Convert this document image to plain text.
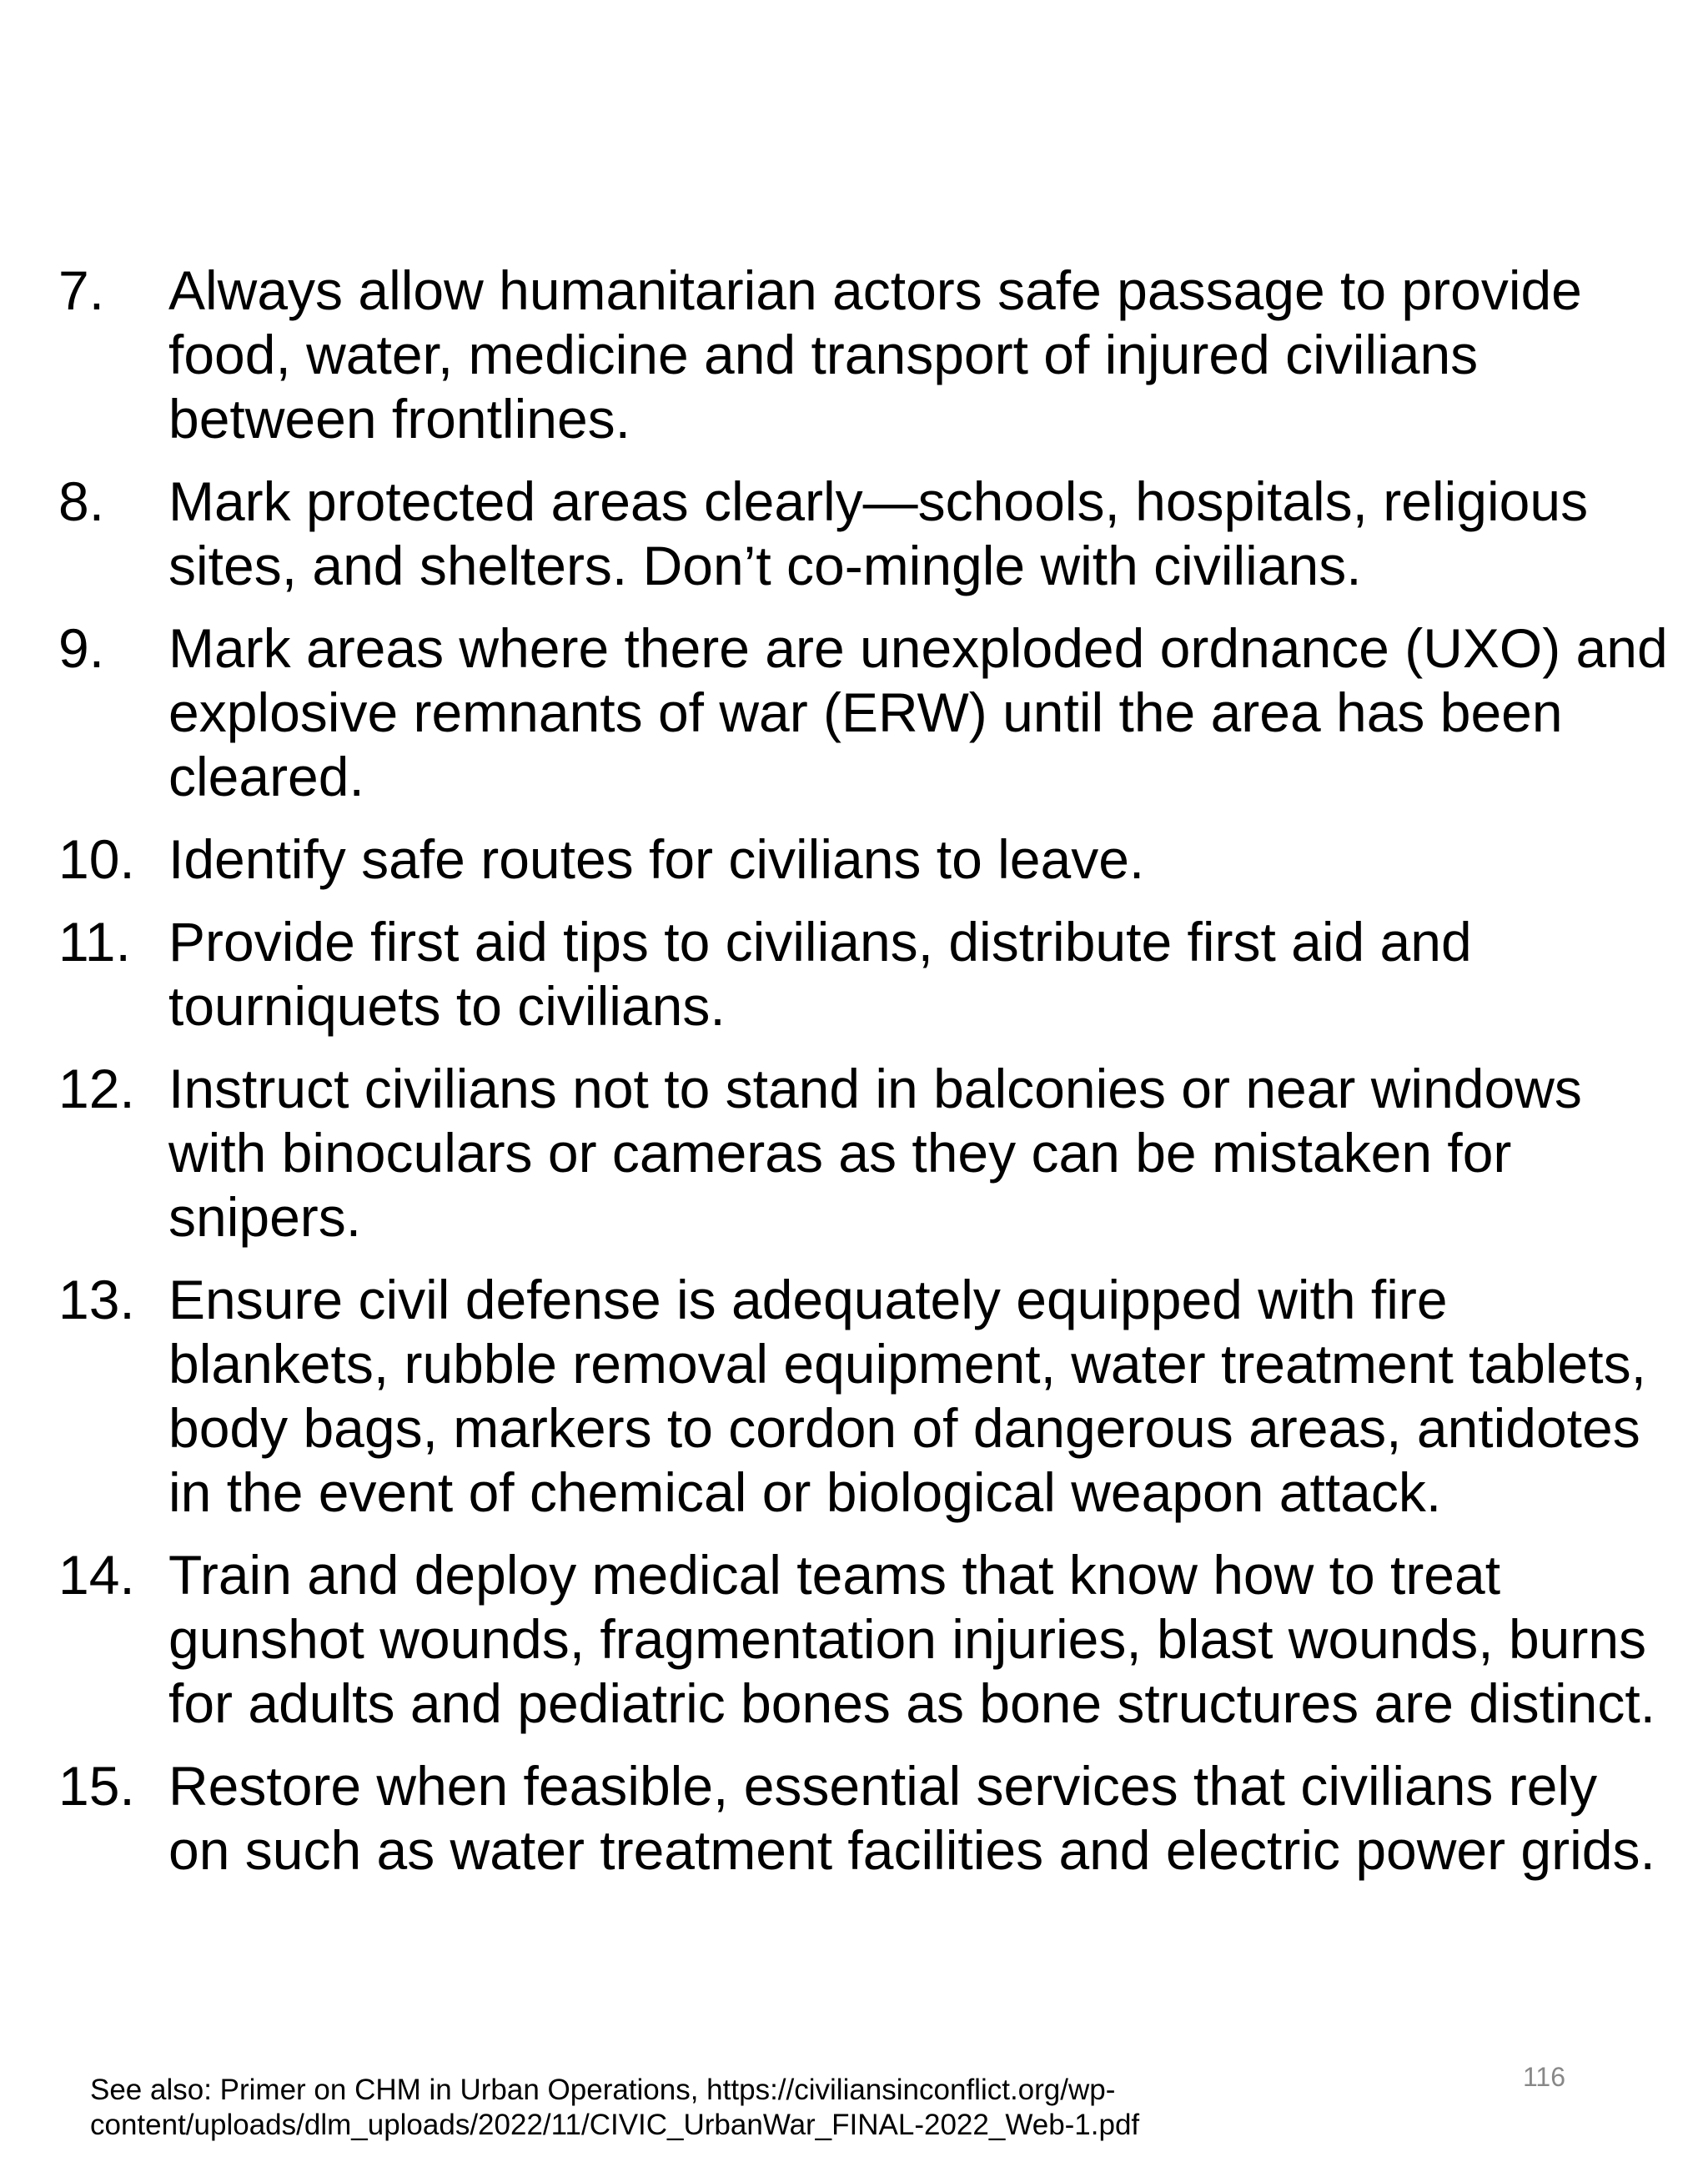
7.	Always allow humanitarian actors safe passage to provide food, water, medicine and transport of injured civilians between frontlines.
8.	Mark protected areas clearly—schools, hospitals, religious sites, and shelters. Don’t co-mingle with civilians.
9.	Mark areas where there are unexploded ordnance (UXO) and explosive remnants of war (ERW) until the area has been cleared.
10. Identify safe routes for civilians to leave.
11. Provide first aid tips to civilians, distribute first aid and tourniquets to civilians.
12. Instruct civilians not to stand in balconies or near windows with binoculars or cameras as they can be mistaken for snipers.
13. Ensure civil defense is adequately equipped with fire blankets, rubble removal equipment, water treatment tablets, body bags, markers to cordon of dangerous areas, antidotes in the event of chemical or biological weapon attack.
14. Train and deploy medical teams that know how to treat gunshot wounds, fragmentation injuries, blast wounds, burns for adults and pediatric bones as bone structures are distinct.
15. Restore when feasible, essential services that civilians rely on such as water treatment facilities and electric power grids.
See also: Primer on CHM in Urban Operations, https://civiliansinconflict.org/wp-content/uploads/dlm_uploads/2022/11/CIVIC_UrbanWar_FINAL-2022_Web-1.pdf
116
